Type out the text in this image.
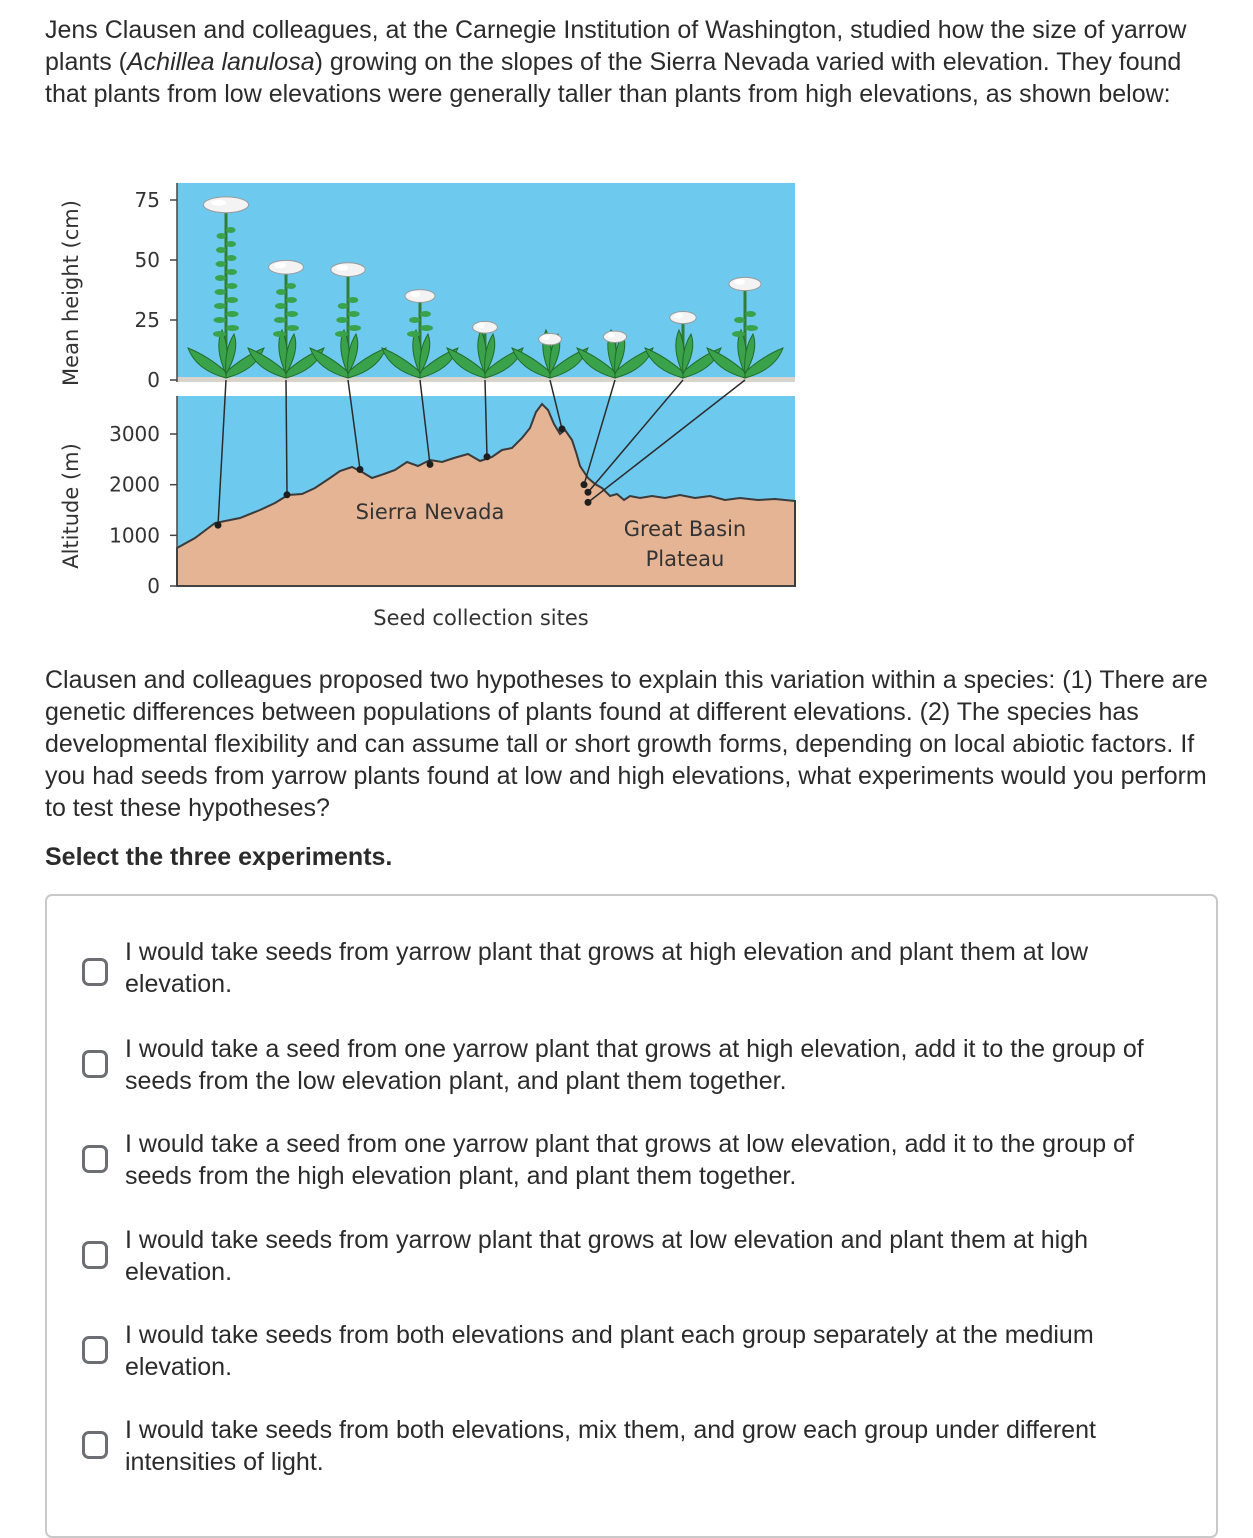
Jens Clausen and colleagues, at the Carnegie Institution of Washington, studied how the size of yarrow plants (Achillea lanulosa) growing on the slopes of the Sierra Nevada varied with elevation. They found that plants from low elevations were generally taller than plants from high elevations, as shown below:
75
50
25
0
3000
2000
1000
0
Mean height (cm)
Altitude (m)	Sierra Nevada
Great Basin
Plateau
Seed collection sites
Clausen and colleagues proposed two hypotheses to explain this variation within a species: (1) There are genetic differences between populations of plants found at different elevations. (2) The species has developmental flexibility and can assume tall or short growth forms, depending on local abiotic factors. If you had seeds from yarrow plants found at low and high elevations, what experiments would you perform to test these hypotheses?
Select the three experiments.
I would take seeds from yarrow plant that grows at high elevation and plant them at low elevation.
I would take a seed from one yarrow plant that grows at high elevation, add it to the group of seeds from the low elevation plant, and plant them together.
I would take a seed from one yarrow plant that grows at low elevation, add it to the group of seeds from the high elevation plant, and plant them together.
I would take seeds from yarrow plant that grows at low elevation and plant them at high elevation.
I would take seeds from both elevations and plant each group separately at the medium elevation.
I would take seeds from both elevations, mix them, and grow each group under different intensities of light.
